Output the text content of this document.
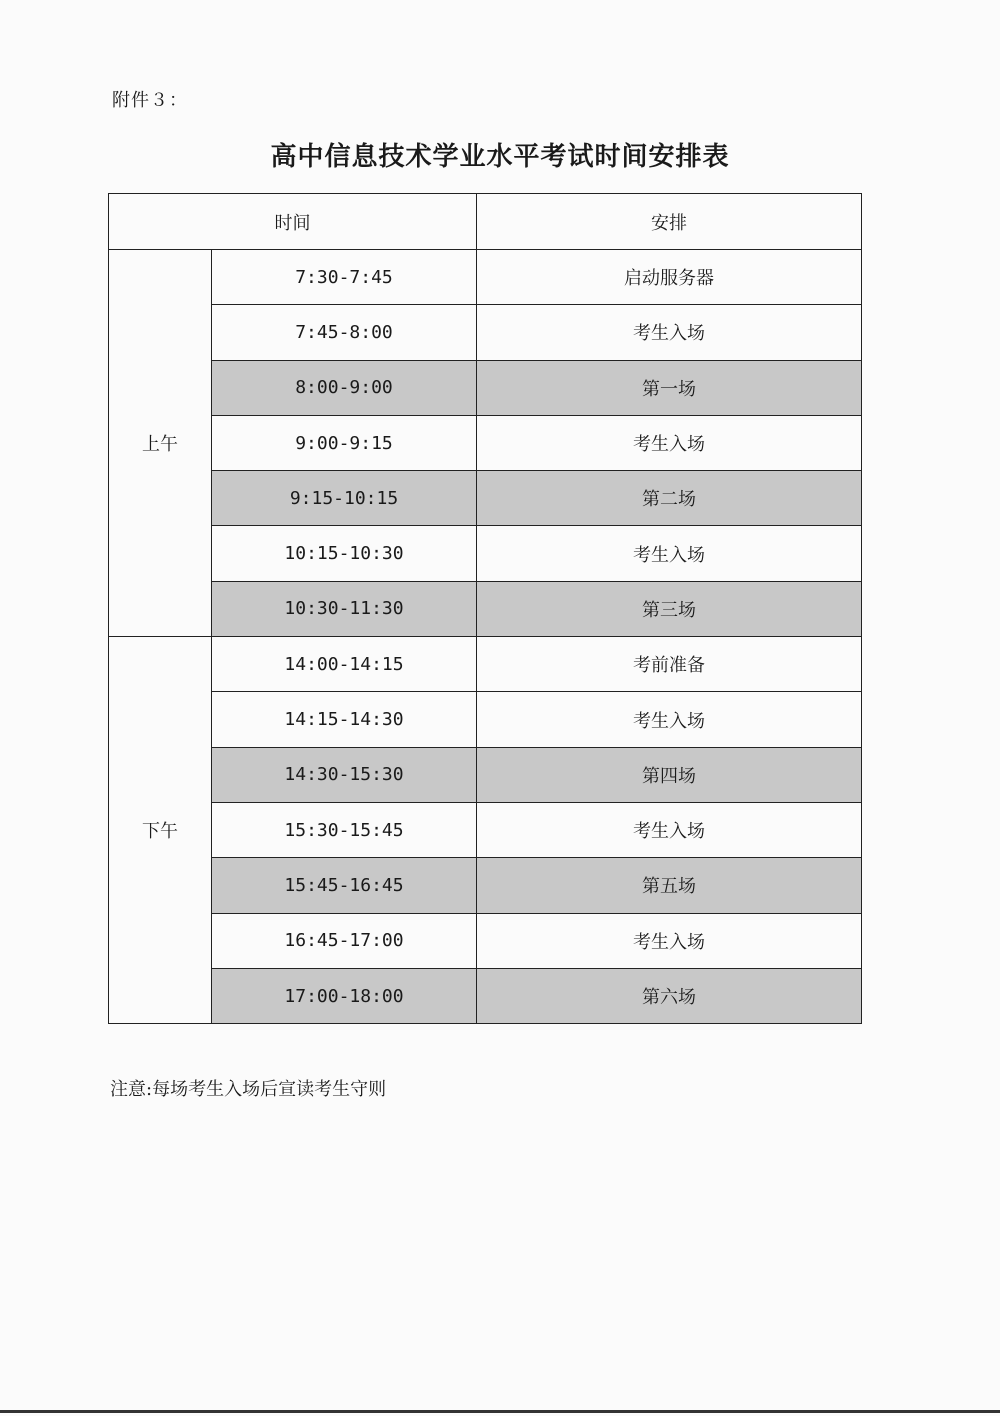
附件３：
高中信息技术学业水平考试时间安排表
时间		安排
上午	7:30-7:45	启动服务器
	7:45-8:00	考生入场
	8:00-9:00	第一场
	9:00-9:15	考生入场
	9:15-10:15	第二场
	10:15-10:30	考生入场
	10:30-11:30	第三场
下午	14:00-14:15	考前准备
	14:15-14:30	考生入场
	14:30-15:30	第四场
	15:30-15:45	考生入场
	15:45-16:45	第五场
	16:45-17:00	考生入场
	17:00-18:00	第六场
注意:每场考生入场后宣读考生守则
